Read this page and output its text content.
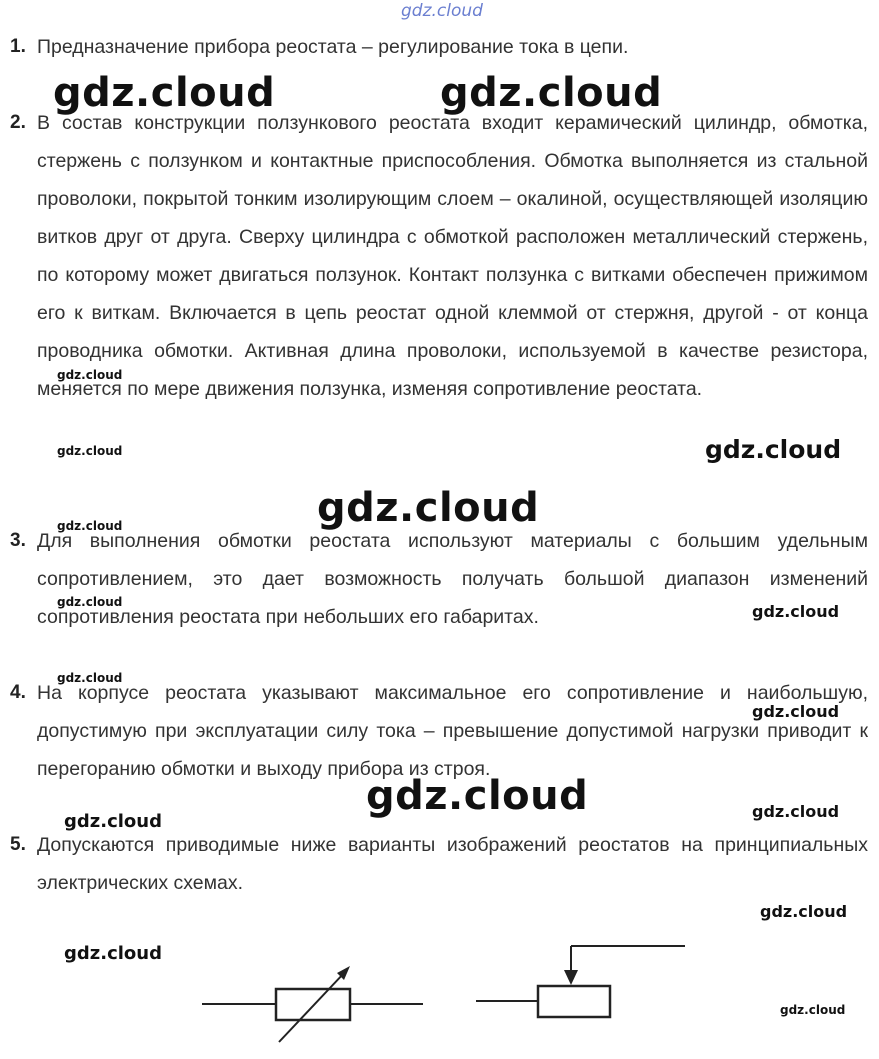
1. Предназначение прибора реостата – регулирование тока в цепи.
2. В состав конструкции ползункового реостата входит керамический цилиндр, обмотка, стержень с ползунком и контактные приспособления. Обмотка выполняется из стальной проволоки, покрытой тонким изолирующим слоем – окалиной, осуществляющей изоляцию витков друг от друга. Сверху цилиндра с обмоткой расположен металлический стержень, по которому может двигаться ползунок. Контакт ползунка с витками обеспечен прижимом его к виткам. Включается в цепь реостат одной клеммой от стержня, другой - от конца проводника обмотки. Активная длина проволоки, используемой в качестве резистора, меняется по мере движения ползунка, изменяя сопротивление реостата.
3. Для выполнения обмотки реостата используют материалы с большим удельным сопротивлением, это дает возможность получать большой диапазон изменений сопротивления реостата при небольших его габаритах.
4. На корпусе реостата указывают максимальное его сопротивление и наибольшую, допустимую при эксплуатации силу тока – превышение допустимой нагрузки приводит к перегоранию обмотки и выходу прибора из строя.
5. Допускаются приводимые ниже варианты изображений реостатов на принципиальных электрических схемах.
gdz.cloud
gdz.cloud	gdz.cloud
gdz.cloud
gdz.cloud	gdz.cloud
gdz.cloud
gdz.cloud
gdz.cloud	gdz.cloud
gdz.cloud
gdz.cloud
gdz.cloud	gdz.cloud
gdz.cloud
gdz.cloud
gdz.cloud
gdz.cloud
